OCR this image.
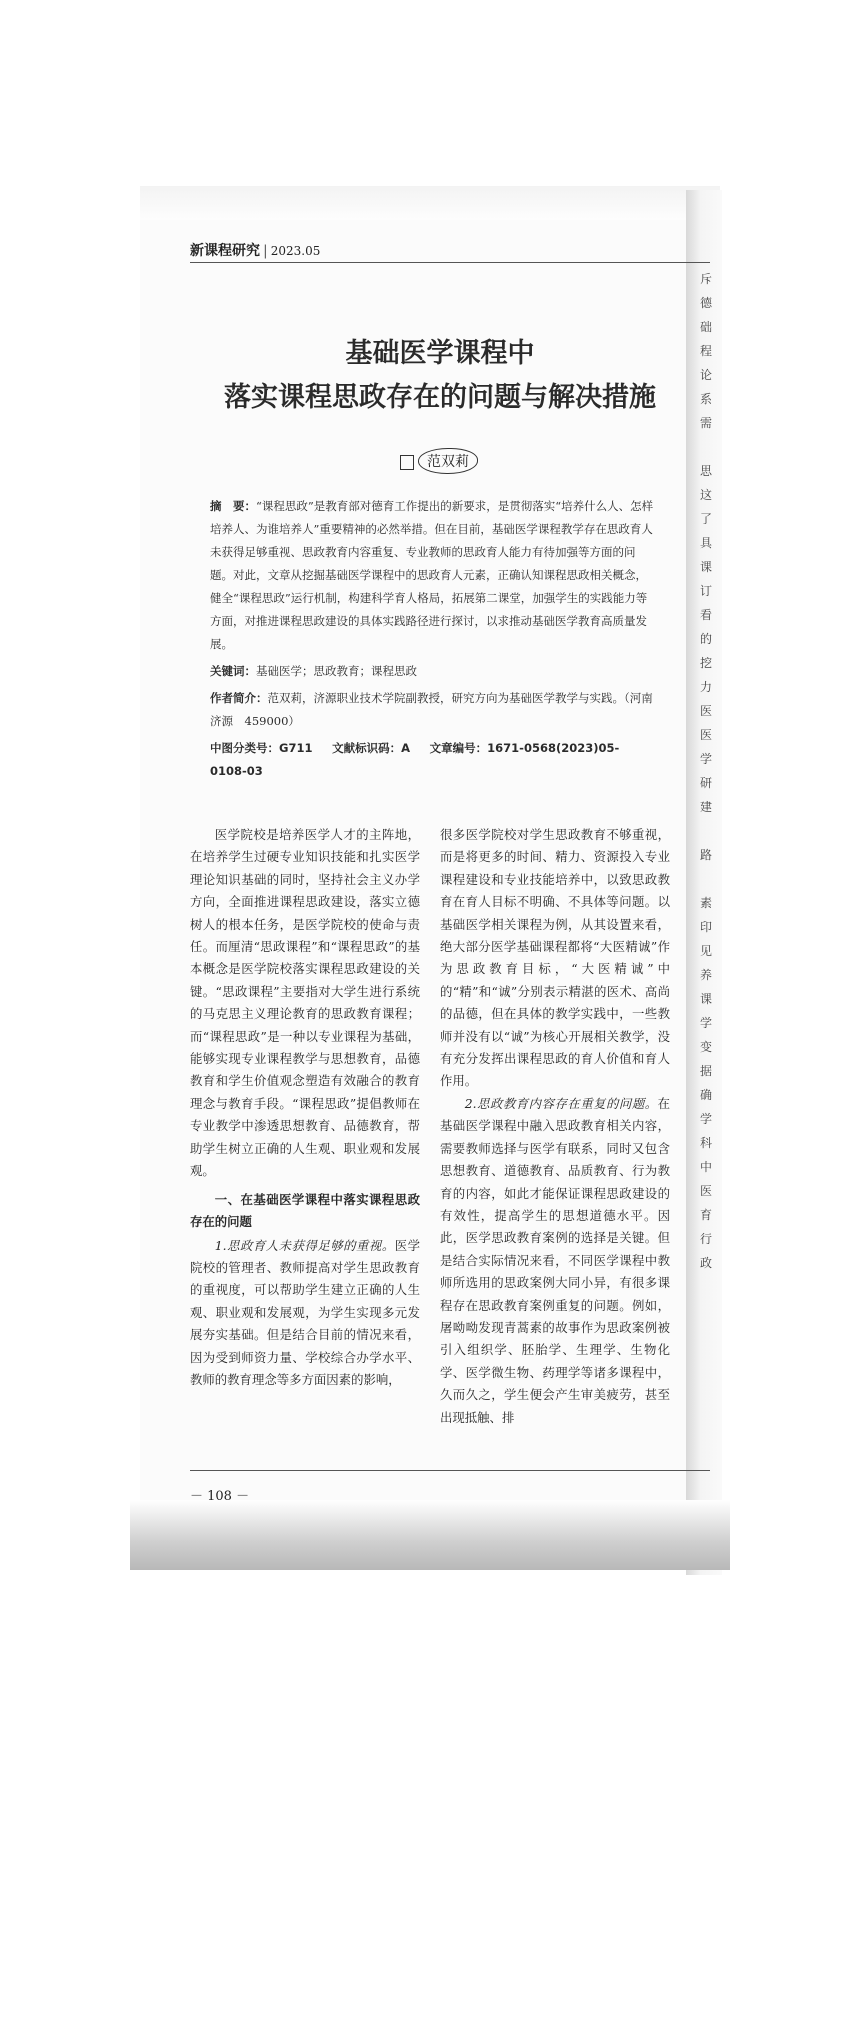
斥
德
础
程
论
系
需

思
这
了
具
课
订
看
的
挖
力
医
医
学
研
建

路

素
印
见
养
课
学
变
据
确
学
科
中
医
育
行
政
新课程研究 | 2023.05
基础医学课程中
落实课程思政存在的问题与解决措施
范双莉

摘　要：“课程思政”是教育部对德育工作提出的新要求，是贯彻落实“培养什么人、怎样培养人、为谁培养人”重要精神的必然举措。但在目前，基础医学课程教学存在思政育人未获得足够重视、思政教育内容重复、专业教师的思政育人能力有待加强等方面的问题。对此，文章从挖掘基础医学课程中的思政育人元素，正确认知课程思政相关概念，健全“课程思政”运行机制，构建科学育人格局，拓展第二课堂，加强学生的实践能力等方面，对推进课程思政建设的具体实践路径进行探讨，以求推动基础医学教育高质量发展。

关键词：基础医学；思政教育；课程思政

作者简介：范双莉，济源职业技术学院副教授，研究方向为基础医学教学与实践。（河南　济源　459000）

中图分类号：G711 文献标识码：A 文章编号：1671-0568(2023)05-0108-03

医学院校是培养医学人才的主阵地，在培养学生过硬专业知识技能和扎实医学理论知识基础的同时，坚持社会主义办学方向，全面推进课程思政建设，落实立德树人的根本任务，是医学院校的使命与责任。而厘清“思政课程”和“课程思政”的基本概念是医学院校落实课程思政建设的关键。“思政课程”主要指对大学生进行系统的马克思主义理论教育的思政教育课程；而“课程思政”是一种以专业课程为基础，能够实现专业课程教学与思想教育，品德教育和学生价值观念塑造有效融合的教育理念与教育手段。“课程思政”提倡教师在专业教学中渗透思想教育、品德教育，帮助学生树立正确的人生观、职业观和发展观。

一、在基础医学课程中落实课程思政存在的问题

1.思政育人未获得足够的重视。医学院校的管理者、教师提高对学生思政教育的重视度，可以帮助学生建立正确的人生观、职业观和发展观，为学生实现多元发展夯实基础。但是结合目前的情况来看，因为受到师资力量、学校综合办学水平、教师的教育理念等多方面因素的影响，

很多医学院校对学生思政教育不够重视，而是将更多的时间、精力、资源投入专业课程建设和专业技能培养中，以致思政教育在育人目标不明确、不具体等问题。以基础医学相关课程为例，从其设置来看，绝大部分医学基础课程都将“大医精诚”作为思政教育目标，“大医精诚”中的“精”和“诚”分别表示精湛的医术、高尚的品德，但在具体的教学实践中，一些教师并没有以“诚”为核心开展相关教学，没有充分发挥出课程思政的育人价值和育人作用。

2.思政教育内容存在重复的问题。在基础医学课程中融入思政教育相关内容，需要教师选择与医学有联系，同时又包含思想教育、道德教育、品质教育、行为教育的内容，如此才能保证课程思政建设的有效性，提高学生的思想道德水平。因此，医学思政教育案例的选择是关键。但是结合实际情况来看，不同医学课程中教师所选用的思政案例大同小异，有很多课程存在思政教育案例重复的问题。例如，屠呦呦发现青蒿素的故事作为思政案例被引入组织学、胚胎学、生理学、生物化学、医学微生物、药理学等诸多课程中，久而久之，学生便会产生审美疲劳，甚至出现抵触、排

－ 108 －
